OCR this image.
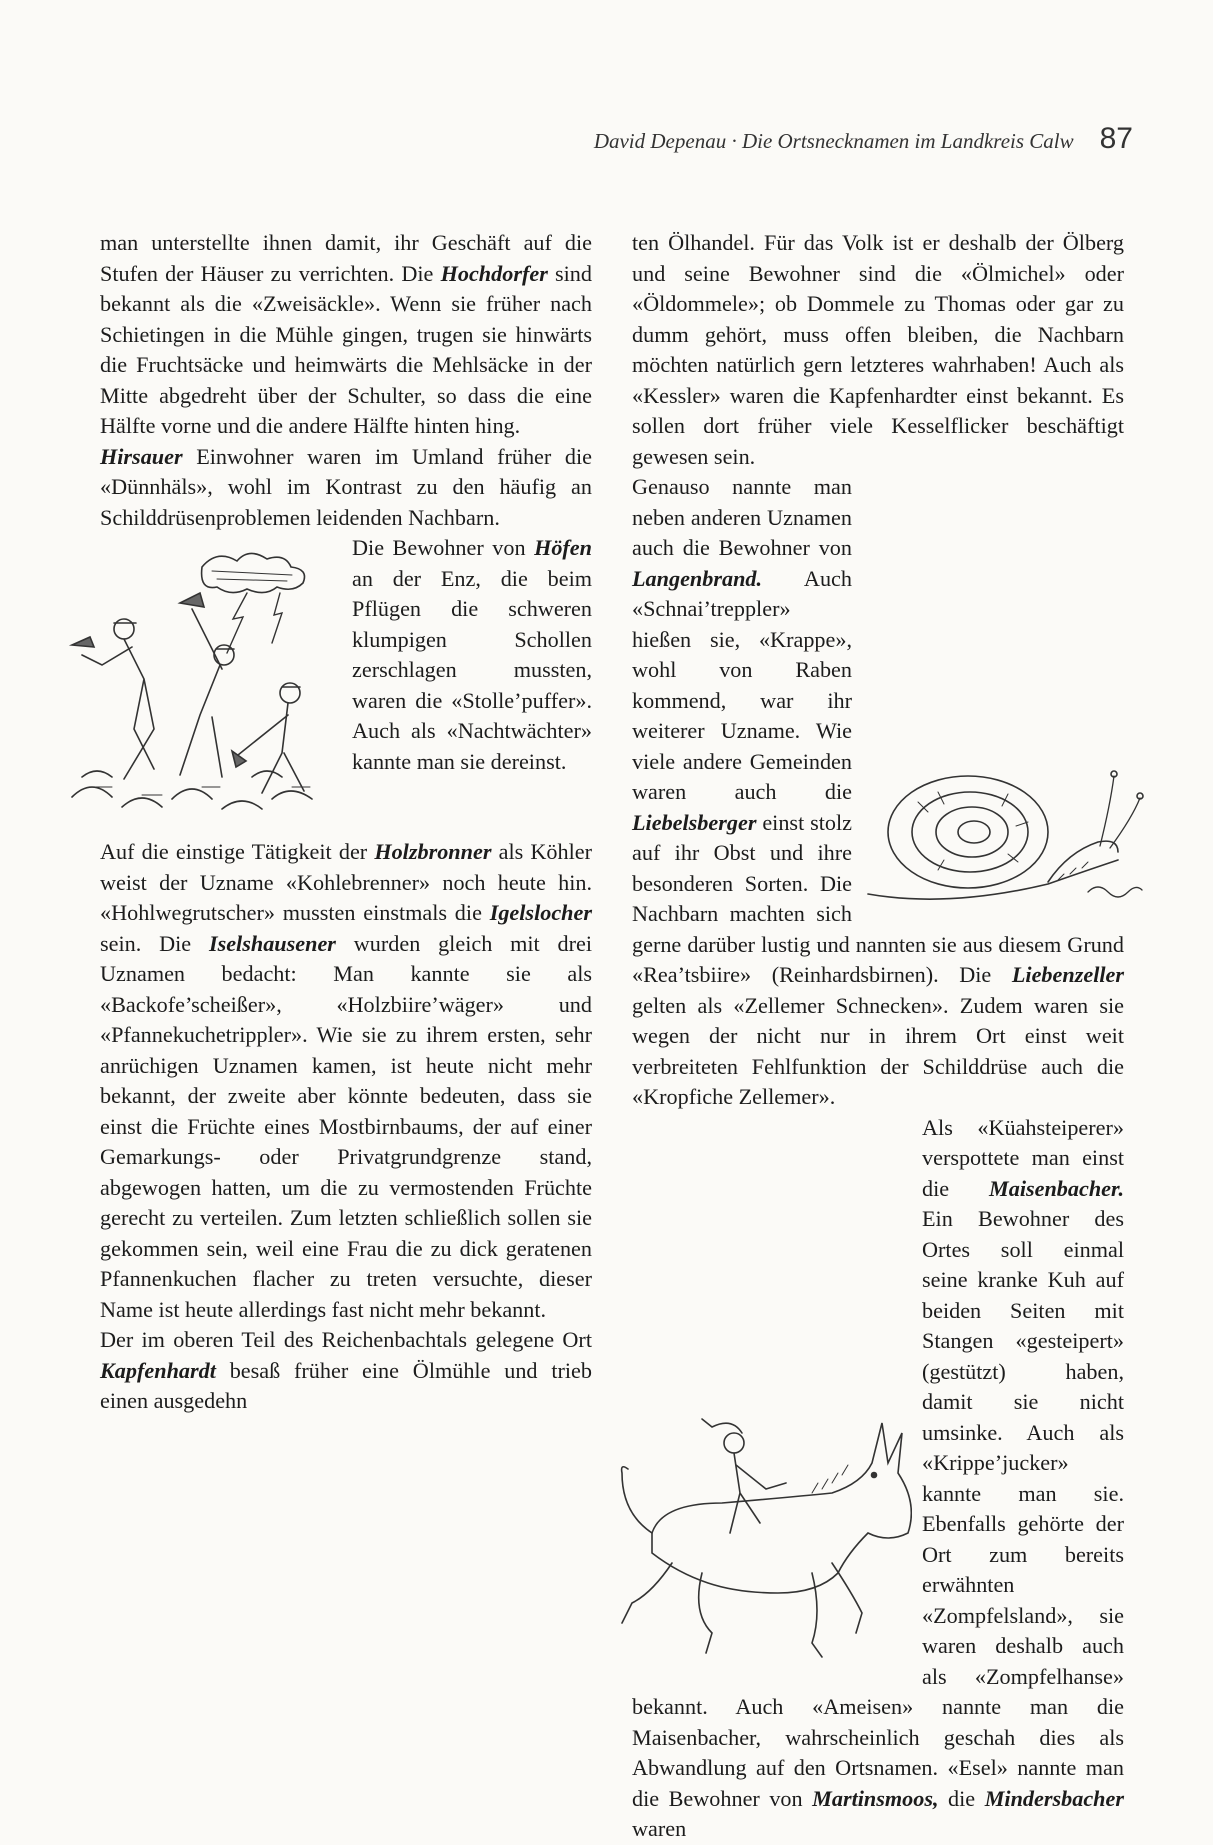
David Depenau · Die Ortsnecknamen im Landkreis Calw 87

man unterstellte ihnen damit, ihr Geschäft auf die Stufen der Häuser zu verrichten. Die Hochdorfer sind bekannt als die «Zweisäckle». Wenn sie früher nach Schietingen in die Mühle gingen, trugen sie hinwärts die Fruchtsäcke und heimwärts die Mehlsäcke in der Mitte abgedreht über der Schulter, so dass die eine Hälfte vorne und die andere Hälfte hinten hing.

Hirsauer Einwohner waren im Umland früher die «Dünnhäls», wohl im Kontrast zu den häufig an Schilddrüsenproblemen leidenden Nachbarn.

Die Bewohner von Höfen an der Enz, die beim Pflügen die schweren klumpigen Schollen zerschlagen mussten, waren die «Stolle’puffer». Auch als «Nachtwächter» kannte man sie dereinst.

Auf die einstige Tätigkeit der Holzbronner als Köhler weist der Uzname «Kohlebrenner» noch heute hin. «Hohlwegrutscher» mussten einstmals die Igelslocher sein. Die Iselshausener wurden gleich mit drei Uznamen bedacht: Man kannte sie als «Backofe’scheißer», «Holzbiire’wäger» und «Pfannekuchetrippler». Wie sie zu ihrem ersten, sehr anrüchigen Uznamen kamen, ist heute nicht mehr bekannt, der zweite aber könnte bedeuten, dass sie einst die Früchte eines Mostbirnbaums, der auf einer Gemarkungs- oder Privatgrundgrenze stand, abgewogen hatten, um die zu vermostenden Früchte gerecht zu verteilen. Zum letzten schließlich sollen sie gekommen sein, weil eine Frau die zu dick geratenen Pfannenkuchen flacher zu treten versuchte, dieser Name ist heute allerdings fast nicht mehr bekannt.

Der im oberen Teil des Reichenbachtals gelegene Ort Kapfenhardt besaß früher eine Ölmühle und trieb einen ausgedehn

ten Ölhandel. Für das Volk ist er deshalb der Ölberg und seine Bewohner sind die «Ölmichel» oder «Öldommele»; ob Dommele zu Thomas oder gar zu dumm gehört, muss offen bleiben, die Nachbarn möchten natürlich gern letzteres wahrhaben! Auch als «Kessler» waren die Kapfenhardter einst bekannt. Es sollen dort früher viele Kesselflicker beschäftigt gewesen sein.

Genauso nannte man neben anderen Uznamen auch die Bewohner von Langenbrand. Auch «Schnai’treppler» hießen sie, «Krappe», wohl von Raben kommend, war ihr weiterer Uzname. Wie viele andere Gemeinden waren auch die Liebelsberger einst stolz auf ihr Obst und ihre besonderen Sorten. Die Nachbarn machten sich gerne darüber lustig und nannten sie aus diesem Grund «Rea’tsbiire» (Reinhardsbirnen). Die Liebenzeller gelten als «Zellemer Schnecken». Zudem waren sie wegen der nicht nur in ihrem Ort einst weit verbreiteten Fehlfunktion der Schilddrüse auch die «Kropfiche Zellemer».

Als «Küahsteiperer» verspottete man einst die Maisenbacher. Ein Bewohner des Ortes soll einmal seine kranke Kuh auf beiden Seiten mit Stangen «gesteipert» (gestützt) haben, damit sie nicht umsinke. Auch als «Krippe’jucker» kannte man sie. Ebenfalls gehörte der Ort zum bereits erwähnten «Zompfelsland», sie waren deshalb auch als «Zompfelhanse» bekannt. Auch «Ameisen» nannte man die Maisenbacher, wahrscheinlich geschah dies als Abwandlung auf den Ortsnamen. «Esel» nannte man die Bewohner von Martinsmoos, die Mindersbacher waren
